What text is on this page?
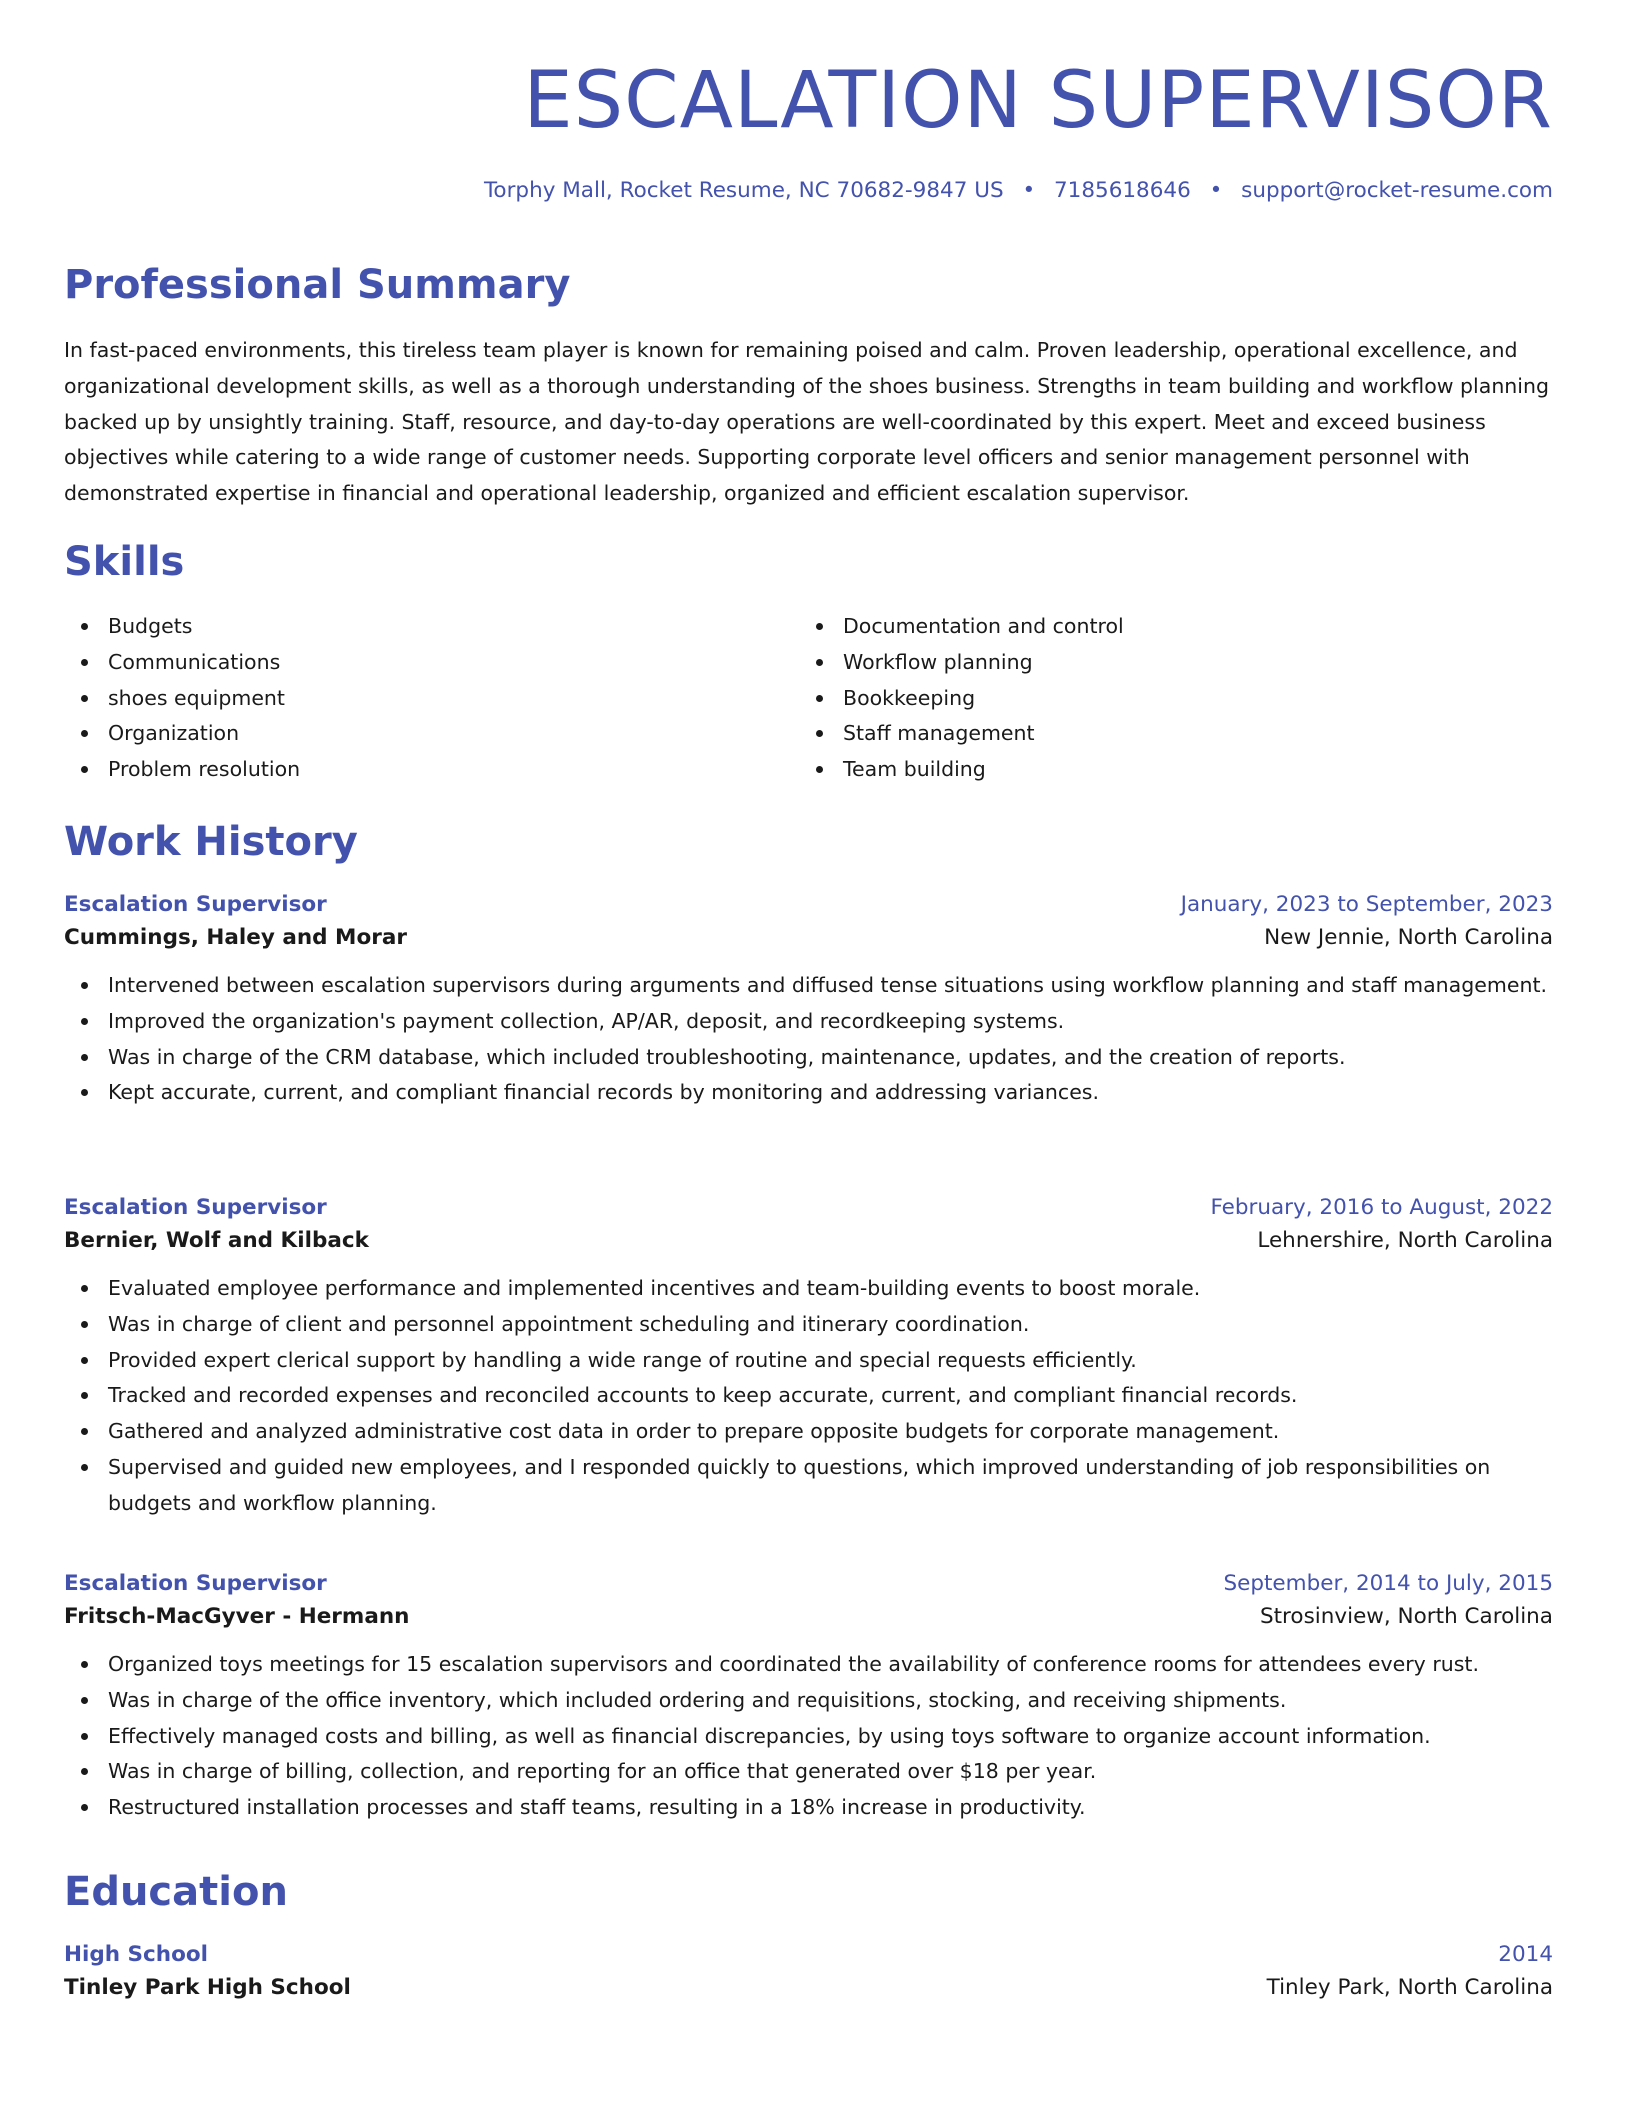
ESCALATION SUPERVISOR
Torphy Mall, Rocket Resume, NC 70682-9847 US • 7185618646 • support@rocket-resume.com
Professional Summary

In fast-paced environments, this tireless team player is known for remaining poised and calm. Proven leadership, operational excellence, and organizational development skills, as well as a thorough understanding of the shoes business. Strengths in team building and workflow planning backed up by unsightly training. Staff, resource, and day-to-day operations are well-coordinated by this expert. Meet and exceed business objectives while catering to a wide range of customer needs. Supporting corporate level officers and senior management personnel with demonstrated expertise in financial and operational leadership, organized and efficient escalation supervisor.

Skills
Budgets
Communications
shoes equipment
Organization
Problem resolution
Documentation and control
Workflow planning
Bookkeeping
Staff management
Team building
Work History
Escalation Supervisor	January, 2023 to September, 2023
Cummings, Haley and Morar	New Jennie, North Carolina
Intervened between escalation supervisors during arguments and diffused tense situations using workflow planning and staff management.
Improved the organization's payment collection, AP/AR, deposit, and recordkeeping systems.
Was in charge of the CRM database, which included troubleshooting, maintenance, updates, and the creation of reports.
Kept accurate, current, and compliant financial records by monitoring and addressing variances.
Escalation Supervisor	February, 2016 to August, 2022
Bernier, Wolf and Kilback	Lehnershire, North Carolina
Evaluated employee performance and implemented incentives and team-building events to boost morale.
Was in charge of client and personnel appointment scheduling and itinerary coordination.
Provided expert clerical support by handling a wide range of routine and special requests efficiently.
Tracked and recorded expenses and reconciled accounts to keep accurate, current, and compliant financial records.
Gathered and analyzed administrative cost data in order to prepare opposite budgets for corporate management.
Supervised and guided new employees, and I responded quickly to questions, which improved understanding of job responsibilities on budgets and workflow planning.
Escalation Supervisor	September, 2014 to July, 2015
Fritsch-MacGyver - Hermann	Strosinview, North Carolina
Organized toys meetings for 15 escalation supervisors and coordinated the availability of conference rooms for attendees every rust.
Was in charge of the office inventory, which included ordering and requisitions, stocking, and receiving shipments.
Effectively managed costs and billing, as well as financial discrepancies, by using toys software to organize account information.
Was in charge of billing, collection, and reporting for an office that generated over $18 per year.
Restructured installation processes and staff teams, resulting in a 18% increase in productivity.
Education
High School	2014
Tinley Park High School	Tinley Park, North Carolina
